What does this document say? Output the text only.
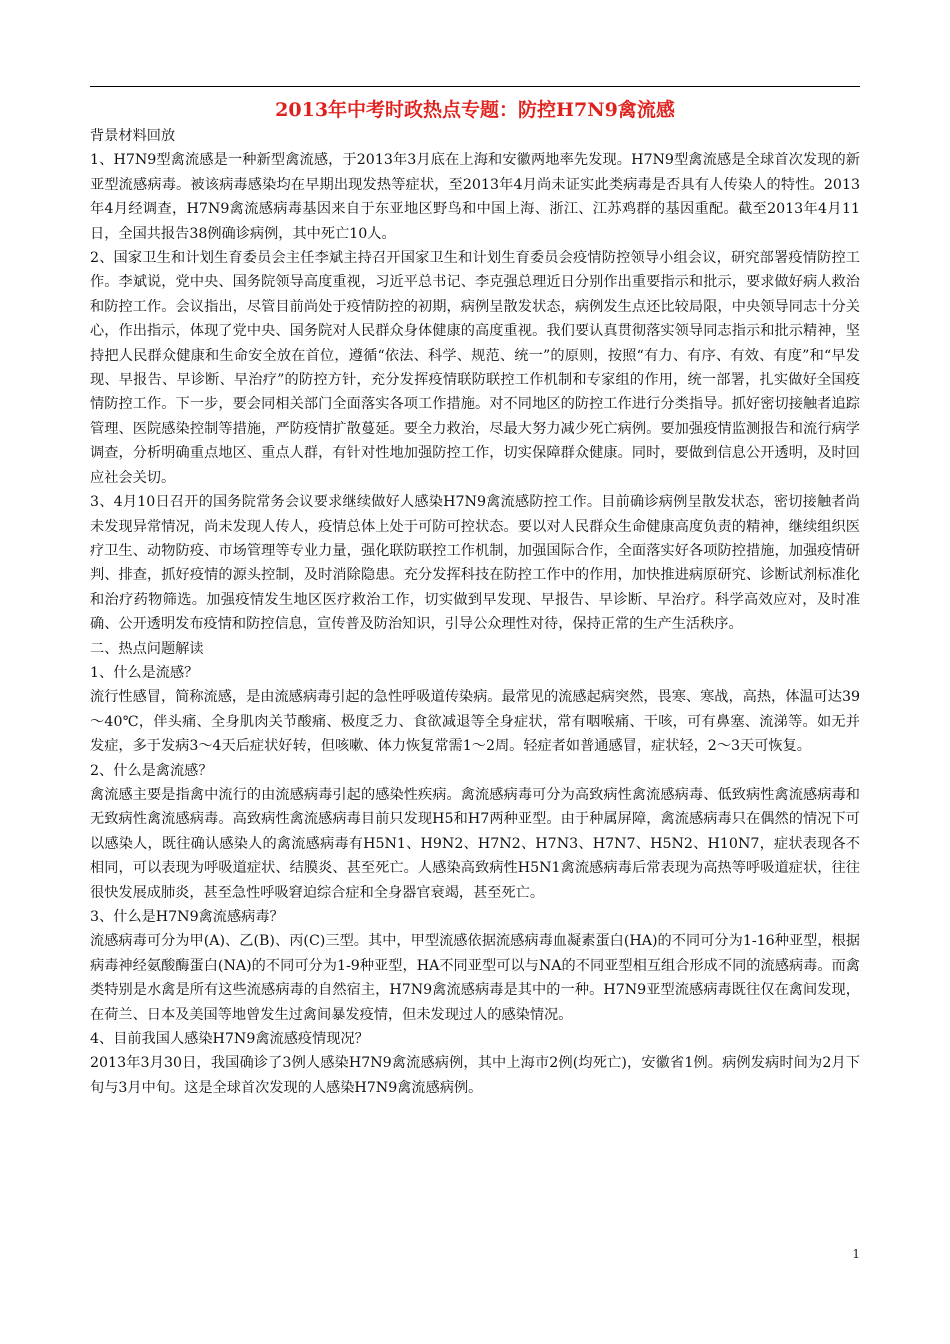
2013年中考时政热点专题：防控H7N9禽流感

背景材料回放

1、H7N9型禽流感是一种新型禽流感，于2013年3月底在上海和安徽两地率先发现。H7N9型禽流感是全球首次发现的新亚型流感病毒。被该病毒感染均在早期出现发热等症状，至2013年4月尚未证实此类病毒是否具有人传染人的特性。2013年4月经调查，H7N9禽流感病毒基因来自于东亚地区野鸟和中国上海、浙江、江苏鸡群的基因重配。截至2013年4月11日，全国共报告38例确诊病例，其中死亡10人。

2、国家卫生和计划生育委员会主任李斌主持召开国家卫生和计划生育委员会疫情防控领导小组会议，研究部署疫情防控工作。李斌说，党中央、国务院领导高度重视，习近平总书记、李克强总理近日分别作出重要指示和批示，要求做好病人救治和防控工作。会议指出，尽管目前尚处于疫情防控的初期，病例呈散发状态，病例发生点还比较局限，中央领导同志十分关心，作出指示，体现了党中央、国务院对人民群众身体健康的高度重视。我们要认真贯彻落实领导同志指示和批示精神，坚持把人民群众健康和生命安全放在首位，遵循“依法、科学、规范、统一”的原则，按照“有力、有序、有效、有度”和“早发现、早报告、早诊断、早治疗”的防控方针，充分发挥疫情联防联控工作机制和专家组的作用，统一部署，扎实做好全国疫情防控工作。下一步，要会同相关部门全面落实各项工作措施。对不同地区的防控工作进行分类指导。抓好密切接触者追踪管理、医院感染控制等措施，严防疫情扩散蔓延。要全力救治，尽最大努力减少死亡病例。要加强疫情监测报告和流行病学调查，分析明确重点地区、重点人群，有针对性地加强防控工作，切实保障群众健康。同时，要做到信息公开透明，及时回应社会关切。

3、4月10日召开的国务院常务会议要求继续做好人感染H7N9禽流感防控工作。目前确诊病例呈散发状态，密切接触者尚未发现异常情况，尚未发现人传人，疫情总体上处于可防可控状态。要以对人民群众生命健康高度负责的精神，继续组织医疗卫生、动物防疫、市场管理等专业力量，强化联防联控工作机制，加强国际合作，全面落实好各项防控措施，加强疫情研判、排查，抓好疫情的源头控制，及时消除隐患。充分发挥科技在防控工作中的作用，加快推进病原研究、诊断试剂标准化和治疗药物筛选。加强疫情发生地区医疗救治工作，切实做到早发现、早报告、早诊断、早治疗。科学高效应对，及时准确、公开透明发布疫情和防控信息，宣传普及防治知识，引导公众理性对待，保持正常的生产生活秩序。

二、热点问题解读

1、什么是流感？

流行性感冒，简称流感，是由流感病毒引起的急性呼吸道传染病。最常见的流感起病突然，畏寒、寒战，高热，体温可达39～40℃，伴头痛、全身肌肉关节酸痛、极度乏力、食欲减退等全身症状，常有咽喉痛、干咳，可有鼻塞、流涕等。如无并发症，多于发病3～4天后症状好转，但咳嗽、体力恢复常需1～2周。轻症者如普通感冒，症状轻，2～3天可恢复。

2、什么是禽流感？

禽流感主要是指禽中流行的由流感病毒引起的感染性疾病。禽流感病毒可分为高致病性禽流感病毒、低致病性禽流感病毒和无致病性禽流感病毒。高致病性禽流感病毒目前只发现H5和H7两种亚型。由于种属屏障，禽流感病毒只在偶然的情况下可以感染人，既往确认感染人的禽流感病毒有H5N1、H9N2、H7N2、H7N3、H7N7、H5N2、H10N7，症状表现各不相同，可以表现为呼吸道症状、结膜炎、甚至死亡。人感染高致病性H5N1禽流感病毒后常表现为高热等呼吸道症状，往往很快发展成肺炎，甚至急性呼吸窘迫综合症和全身器官衰竭，甚至死亡。

3、什么是H7N9禽流感病毒？

流感病毒可分为甲(A)、乙(B)、丙(C)三型。其中，甲型流感依据流感病毒血凝素蛋白(HA)的不同可分为1-16种亚型，根据病毒神经氨酸酶蛋白(NA)的不同可分为1-9种亚型，HA不同亚型可以与NA的不同亚型相互组合形成不同的流感病毒。而禽类特别是水禽是所有这些流感病毒的自然宿主，H7N9禽流感病毒是其中的一种。H7N9亚型流感病毒既往仅在禽间发现，在荷兰、日本及美国等地曾发生过禽间暴发疫情，但未发现过人的感染情况。

4、目前我国人感染H7N9禽流感疫情现况？

2013年3月30日，我国确诊了3例人感染H7N9禽流感病例，其中上海市2例(均死亡)，安徽省1例。病例发病时间为2月下旬与3月中旬。这是全球首次发现的人感染H7N9禽流感病例。

1
